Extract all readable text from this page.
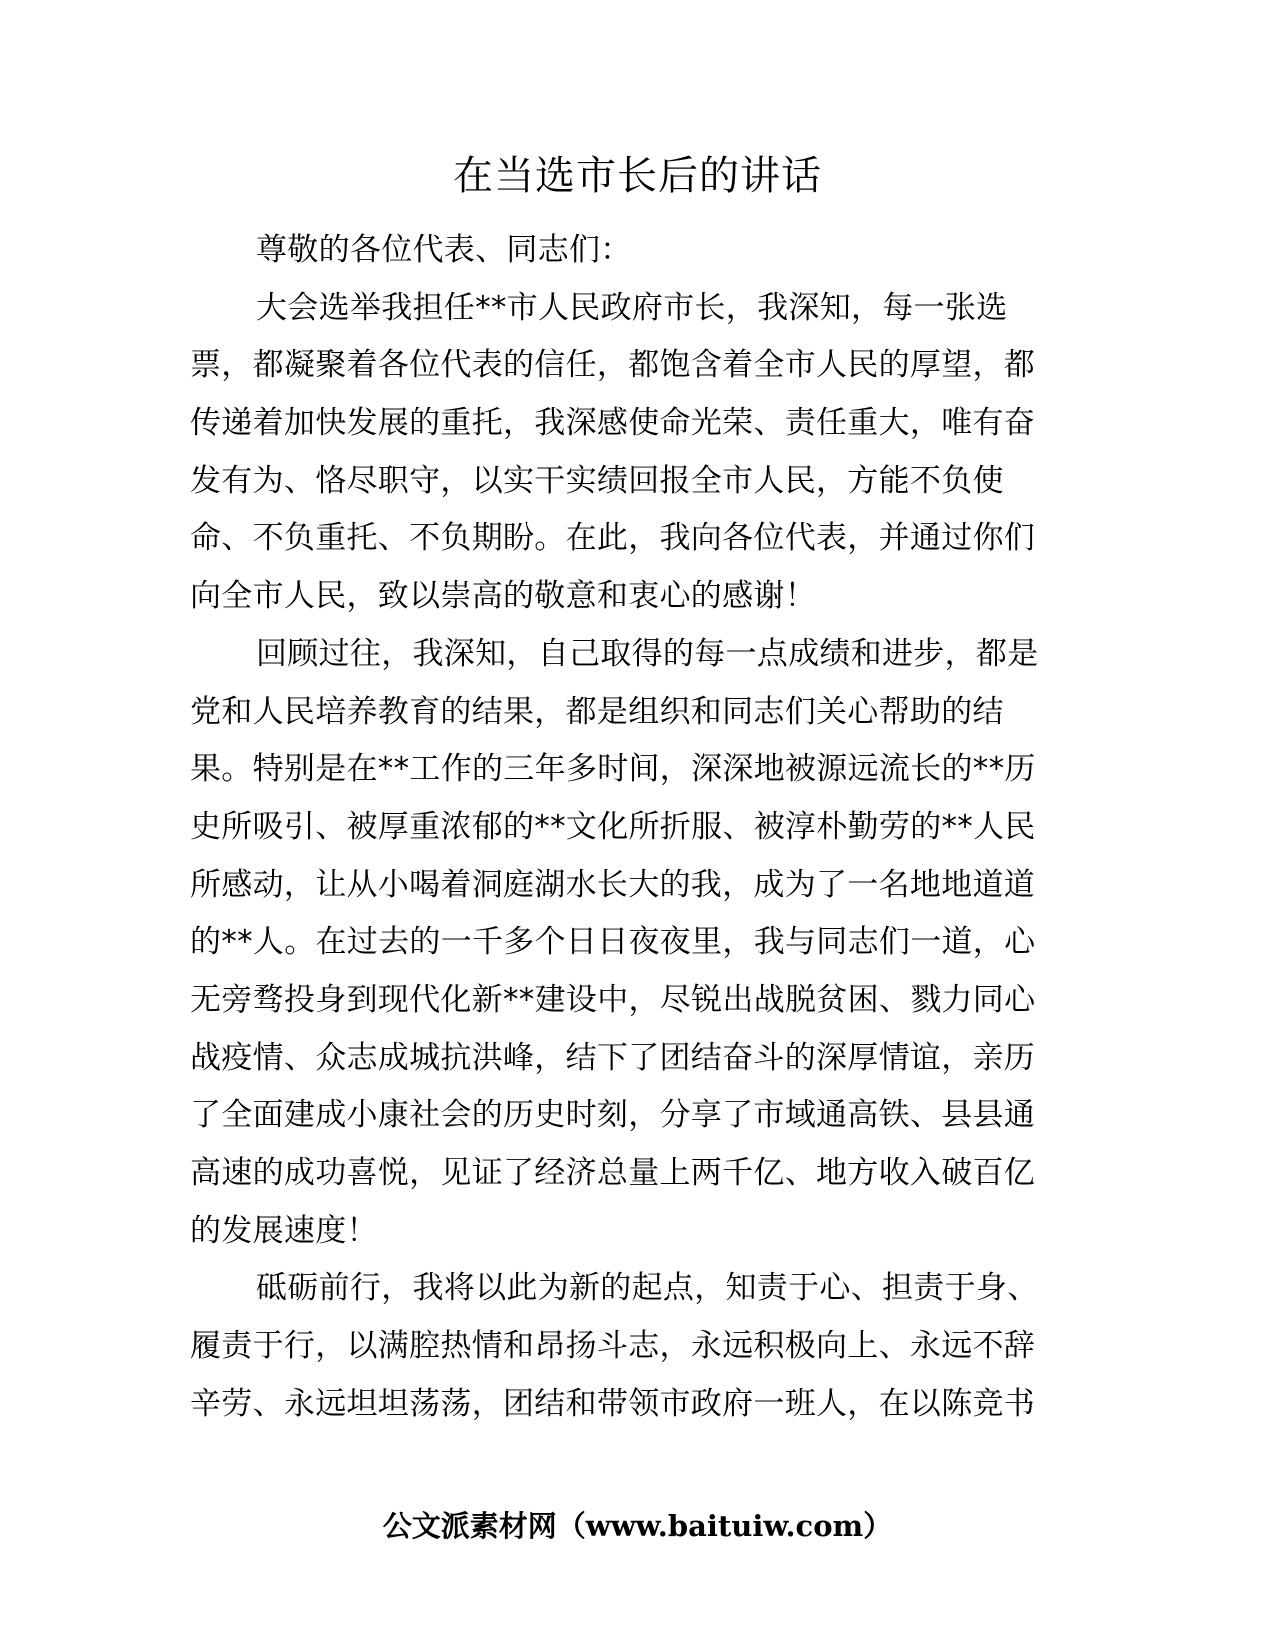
在当选市长后的讲话
尊敬的各位代表、同志们：
大会选举我担任**市人民政府市长，我深知，每一张选
票，都凝聚着各位代表的信任，都饱含着全市人民的厚望，都
传递着加快发展的重托，我深感使命光荣、责任重大，唯有奋
发有为、恪尽职守，以实干实绩回报全市人民，方能不负使
命、不负重托、不负期盼。在此，我向各位代表，并通过你们
向全市人民，致以崇高的敬意和衷心的感谢！
回顾过往，我深知，自己取得的每一点成绩和进步，都是
党和人民培养教育的结果，都是组织和同志们关心帮助的结
果。特别是在**工作的三年多时间，深深地被源远流长的**历
史所吸引、被厚重浓郁的**文化所折服、被淳朴勤劳的**人民
所感动，让从小喝着洞庭湖水长大的我，成为了一名地地道道
的**人。在过去的一千多个日日夜夜里，我与同志们一道，心
无旁骛投身到现代化新**建设中，尽锐出战脱贫困、戮力同心
战疫情、众志成城抗洪峰，结下了团结奋斗的深厚情谊，亲历
了全面建成小康社会的历史时刻，分享了市域通高铁、县县通
高速的成功喜悦，见证了经济总量上两千亿、地方收入破百亿
的发展速度！
砥砺前行，我将以此为新的起点，知责于心、担责于身、
履责于行，以满腔热情和昂扬斗志，永远积极向上、永远不辞
辛劳、永远坦坦荡荡，团结和带领市政府一班人，在以陈竞书
公文派素材网（www.baituiw.com）
